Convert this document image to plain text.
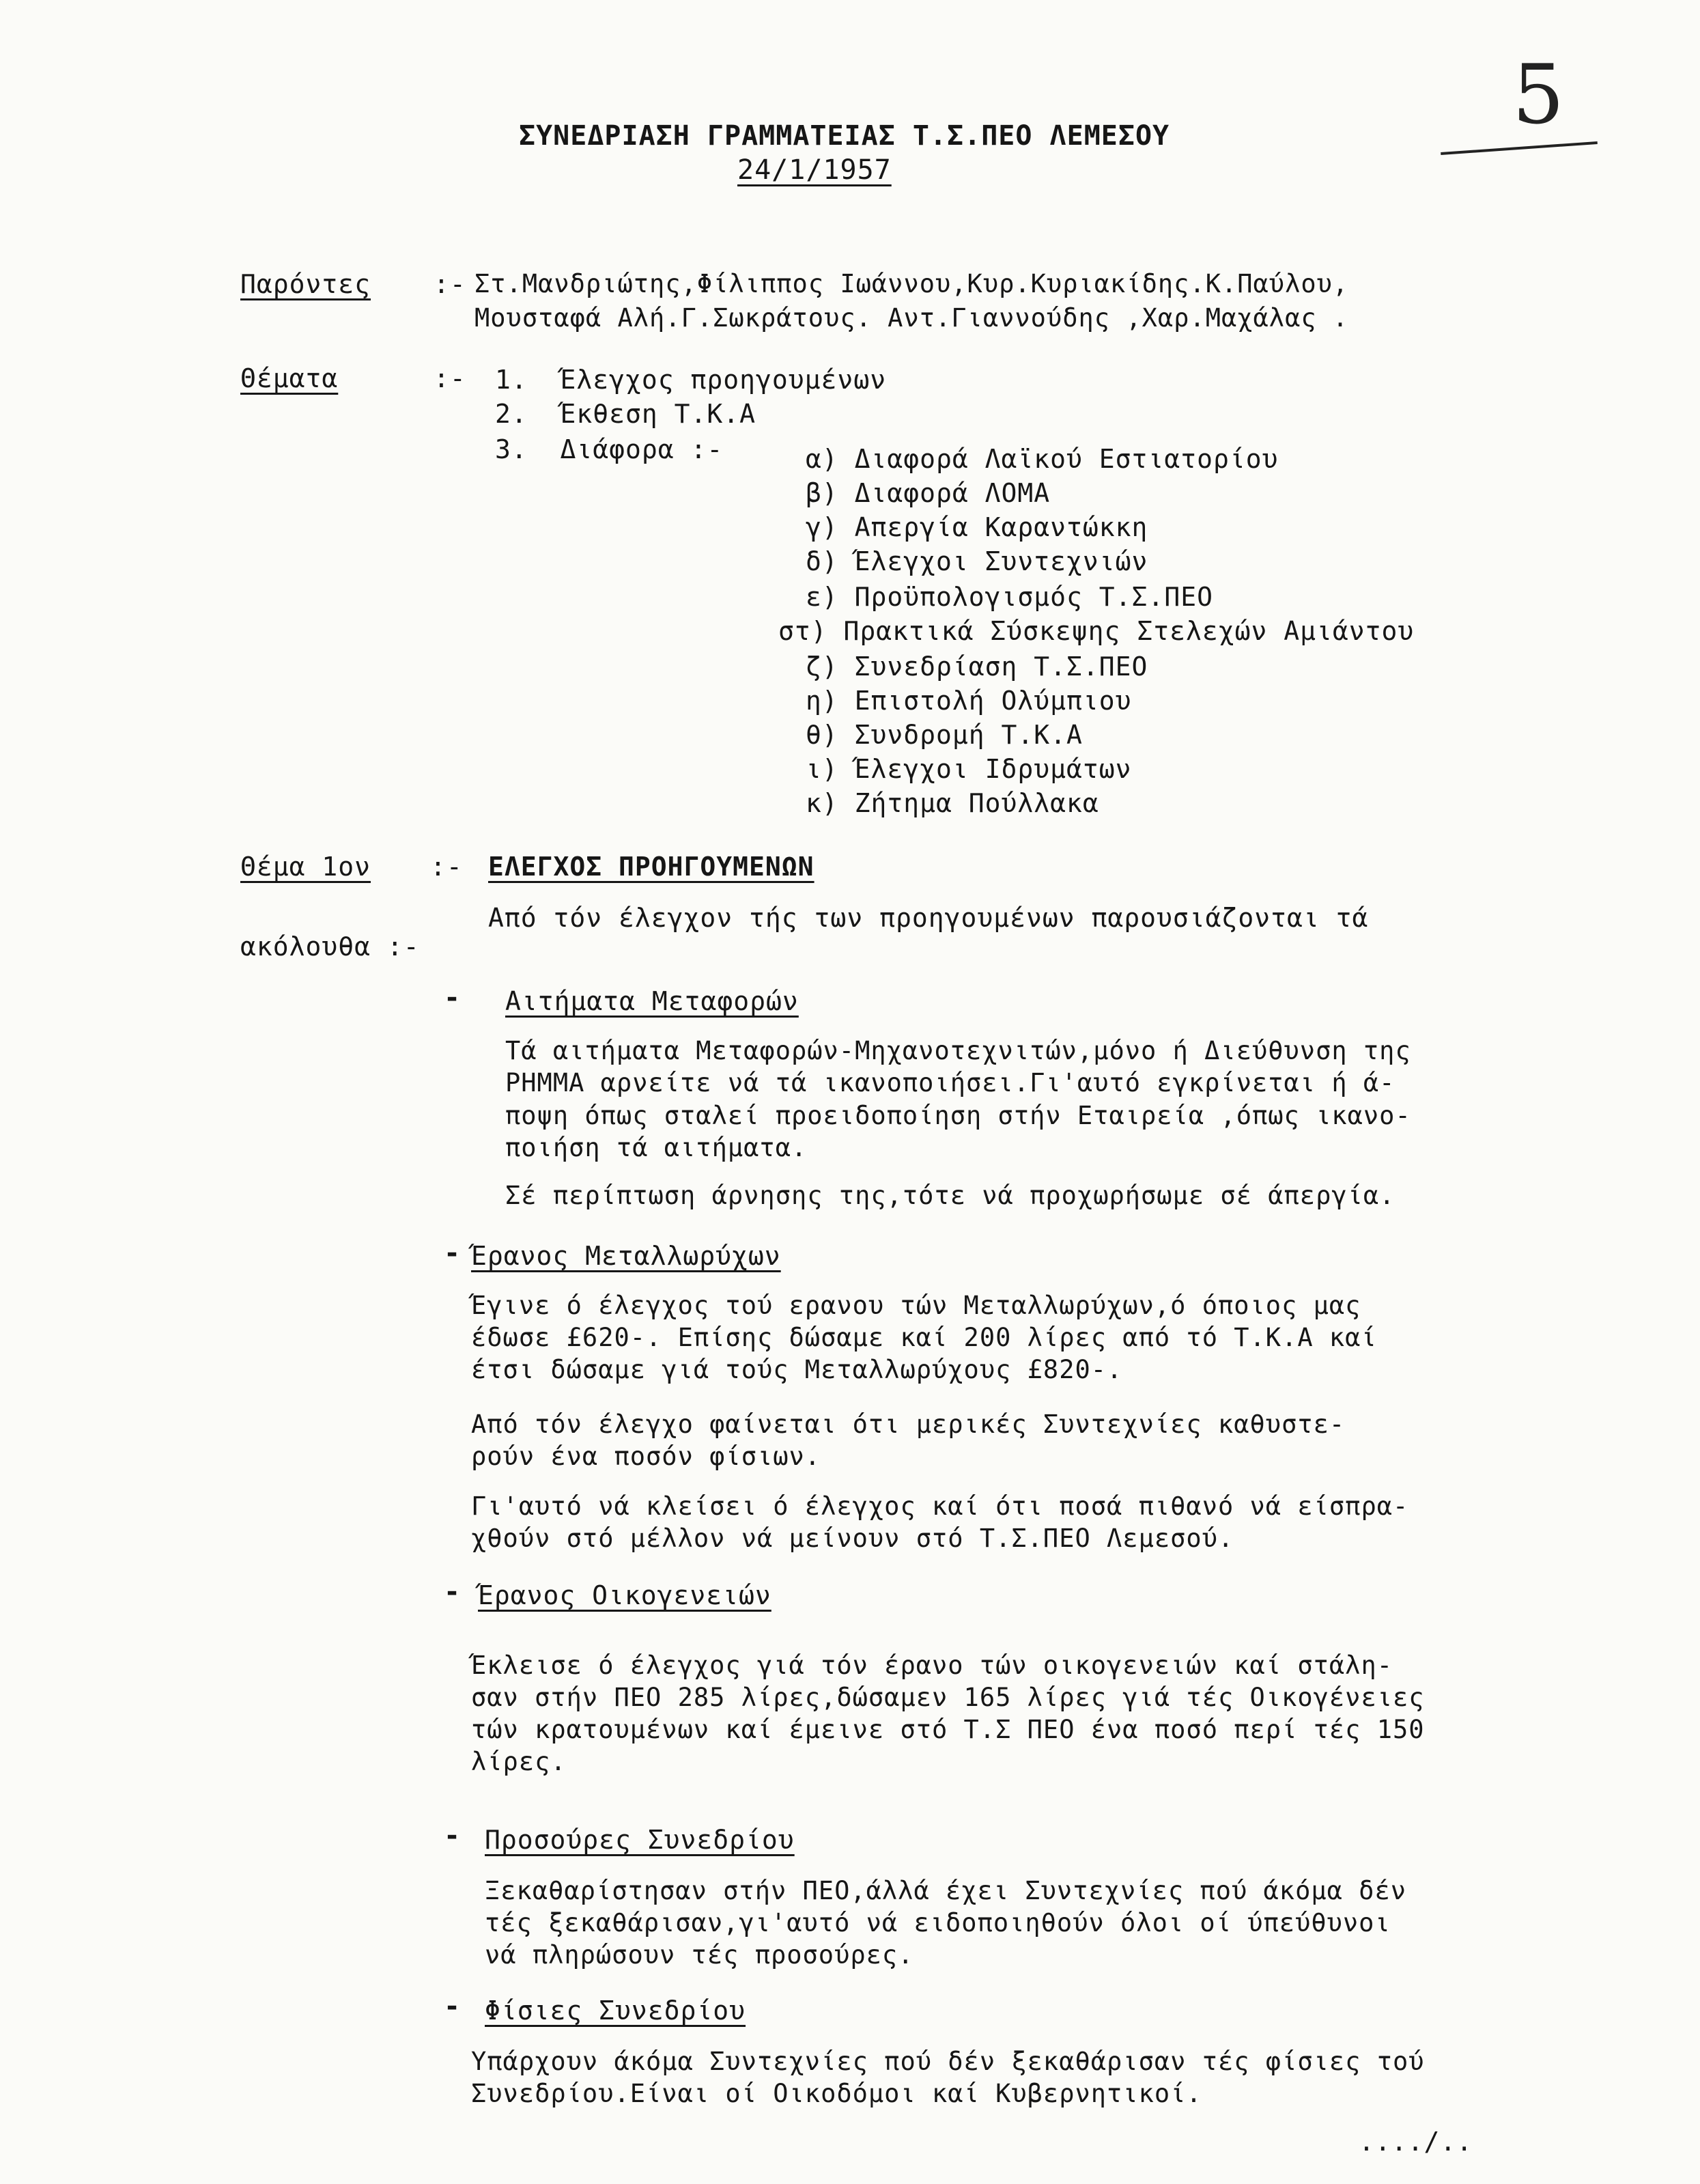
5
ΣΥΝΕΔΡΙΑΣΗ ΓΡΑΜΜΑΤΕΙΑΣ Τ.Σ.ΠΕΟ ΛΕΜΕΣΟΥ
24/1/1957
Παρόντες :- Στ.Μανδριώτης,Φίλιππος Ιωάννου,Κυρ.Κυριακίδης.Κ.Παύλου,
Μουσταφά Αλή.Γ.Σωκράτους. Αντ.Γιαννούδης ,Χαρ.Μαχάλας .
Θέματα	:- 1.  Έλεγχος προηγουμένων
2.  Έκθεση Τ.Κ.Α
3.  Διάφορα :-	α) Διαφορά Λαϊκού Εστιατορίου
β) Διαφορά ΛΟΜΑ
γ) Απεργία Καραντώκκη
δ) Έλεγχοι Συντεχνιών
ε) Προϋπολογισμός Τ.Σ.ΠΕΟ
στ) Πρακτικά Σύσκεψης Στελεχών Αμιάντου
ζ) Συνεδρίαση Τ.Σ.ΠΕΟ
η) Επιστολή Ολύμπιου
θ) Συνδρομή Τ.Κ.Α
ι) Έλεγχοι Ιδρυμάτων
κ) Ζήτημα Πούλλακα
Θέμα 1ον :- ΕΛΕΓΧΟΣ ΠΡΟΗΓΟΥΜΕΝΩΝ
Από τόν έλεγχον τής των προηγουμένων παρουσιάζονται τά
ακόλουθα :-
- Αιτήματα Μεταφορών
Τά αιτήματα Μεταφορών-Μηχανοτεχνιτών,μόνο ή Διεύθυνση της
ΡΗΜΜΑ αρνείτε νά τά ικανοποιήσει.Γι'αυτό εγκρίνεται ή ά-
ποψη όπως σταλεί προειδοποίηση στήν Εταιρεία ,όπως ικανο-
ποιήση τά αιτήματα.
Σέ περίπτωση άρνησης της,τότε νά προχωρήσωμε σέ άπεργία.
- Έρανος Μεταλλωρύχων
Έγινε ό έλεγχος τού ερανου τών Μεταλλωρύχων,ό όποιος μας
έδωσε £620-. Επίσης δώσαμε καί 200 λίρες από τό Τ.Κ.Α καί
έτσι δώσαμε γιά τούς Μεταλλωρύχους £820-.
Από τόν έλεγχο φαίνεται ότι μερικές Συντεχνίες καθυστε-
ρούν ένα ποσόν φίσιων.
Γι'αυτό νά κλείσει ό έλεγχος καί ότι ποσά πιθανό νά είσπρα-
χθούν στό μέλλον νά μείνουν στό Τ.Σ.ΠΕΟ Λεμεσού.
- Έρανος Οικογενειών
Έκλεισε ό έλεγχος γιά τόν έρανο τών οικογενειών καί στάλη-
σαν στήν ΠΕΟ 285 λίρες,δώσαμεν 165 λίρες γιά τές Οικογένειες
τών κρατουμένων καί έμεινε στό Τ.Σ ΠΕΟ ένα ποσό περί τές 150
λίρες.
- Προσούρες Συνεδρίου
Ξεκαθαρίστησαν στήν ΠΕΟ,άλλά έχει Συντεχνίες πού άκόμα δέν
τές ξεκαθάρισαν,γι'αυτό νά ειδοποιηθούν όλοι οί ύπεύθυνοι
νά πληρώσουν τές προσούρες.
- Φίσιες Συνεδρίου
Υπάρχουν άκόμα Συντεχνίες πού δέν ξεκαθάρισαν τές φίσιες τού
Συνεδρίου.Είναι οί Οικοδόμοι καί Κυβερνητικοί.
..../..
